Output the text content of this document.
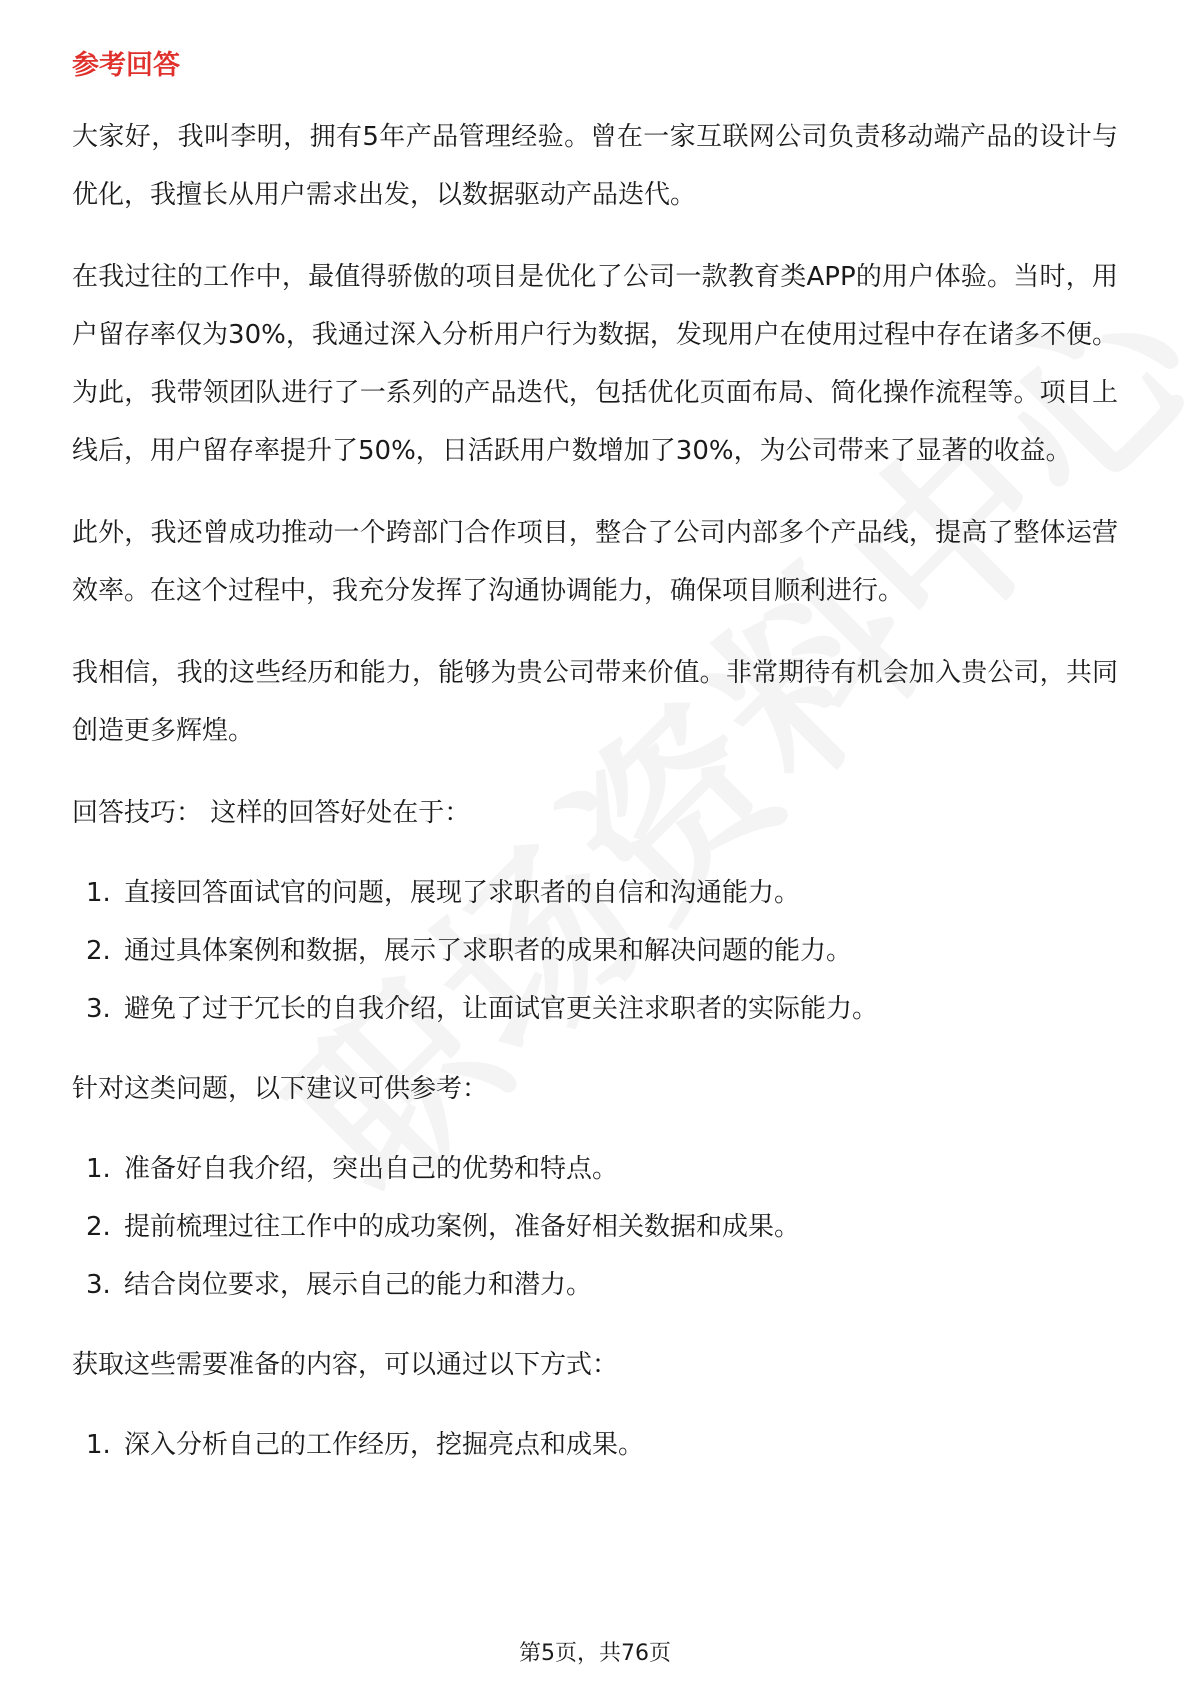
参考回答

大家好，我叫李明，拥有5年产品管理经验。曾在一家互联网公司负责移动端产品的设计与优化，我擅长从用户需求出发，以数据驱动产品迭代。

在我过往的工作中，最值得骄傲的项目是优化了公司一款教育类APP的用户体验。当时，用户留存率仅为30%，我通过深入分析用户行为数据，发现用户在使用过程中存在诸多不便。为此，我带领团队进行了一系列的产品迭代，包括优化页面布局、简化操作流程等。项目上线后，用户留存率提升了50%，日活跃用户数增加了30%，为公司带来了显著的收益。

此外，我还曾成功推动一个跨部门合作项目，整合了公司内部多个产品线，提高了整体运营效率。在这个过程中，我充分发挥了沟通协调能力，确保项目顺利进行。

我相信，我的这些经历和能力，能够为贵公司带来价值。非常期待有机会加入贵公司，共同创造更多辉煌。

回答技巧： 这样的回答好处在于：
1. 直接回答面试官的问题，展现了求职者的自信和沟通能力。
2. 通过具体案例和数据，展示了求职者的成果和解决问题的能力。
3. 避免了过于冗长的自我介绍，让面试官更关注求职者的实际能力。
针对这类问题，以下建议可供参考：
1. 准备好自我介绍，突出自己的优势和特点。
2. 提前梳理过往工作中的成功案例，准备好相关数据和成果。
3. 结合岗位要求，展示自己的能力和潜力。
获取这些需要准备的内容，可以通过以下方式：
1. 深入分析自己的工作经历，挖掘亮点和成果。
第5页，共76页
